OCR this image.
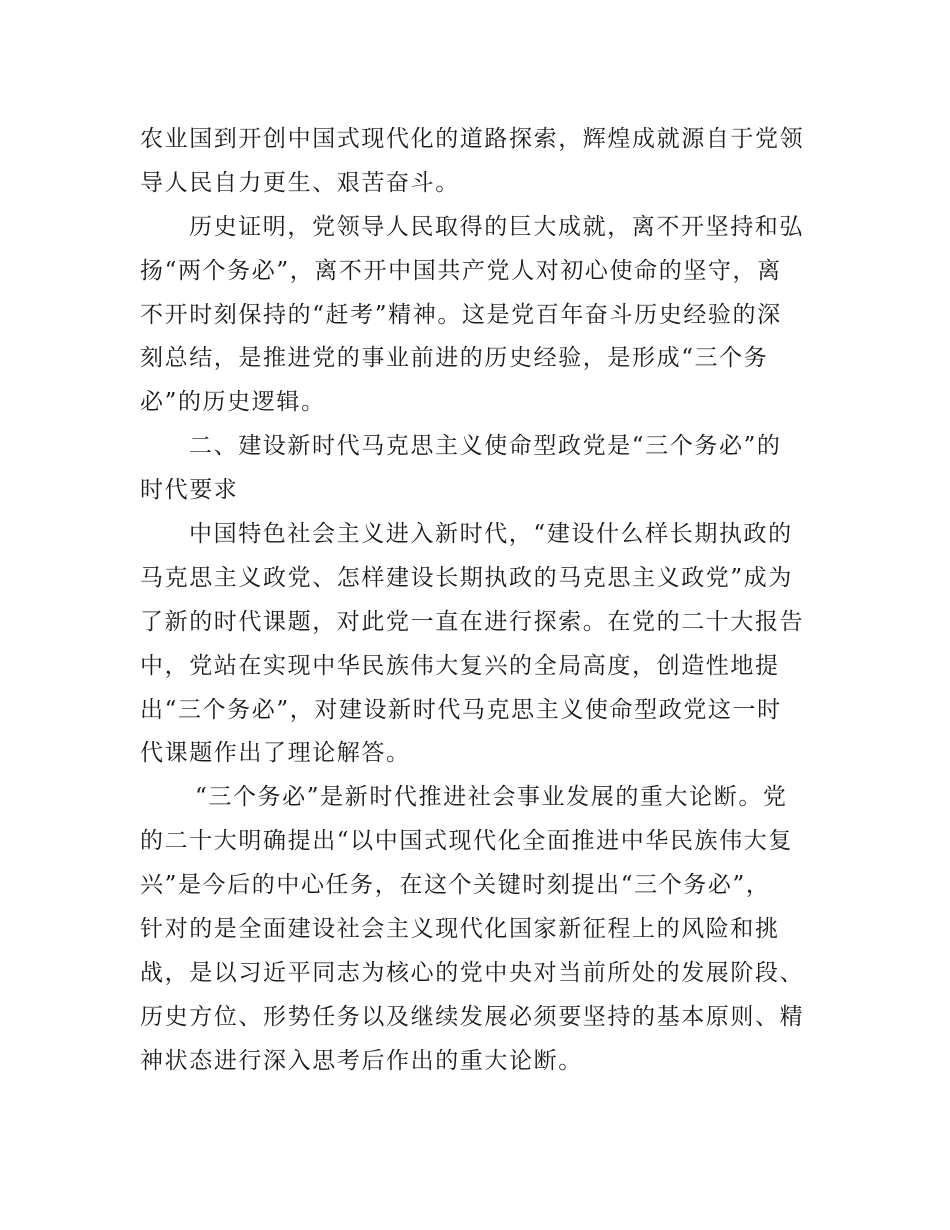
农业国到开创中国式现代化的道路探索，辉煌成就源自于党领
导人民自力更生、艰苦奋斗。
历史证明，党领导人民取得的巨大成就，离不开坚持和弘
扬“两个务必”，离不开中国共产党人对初心使命的坚守，离
不开时刻保持的“赶考”精神。这是党百年奋斗历史经验的深
刻总结，是推进党的事业前进的历史经验，是形成“三个务
必”的历史逻辑。
二、建设新时代马克思主义使命型政党是“三个务必”的
时代要求
中国特色社会主义进入新时代，“建设什么样长期执政的
马克思主义政党、怎样建设长期执政的马克思主义政党”成为
了新的时代课题，对此党一直在进行探索。在党的二十大报告
中，党站在实现中华民族伟大复兴的全局高度，创造性地提
出“三个务必”，对建设新时代马克思主义使命型政党这一时
代课题作出了理论解答。
“三个务必”是新时代推进社会事业发展的重大论断。党
的二十大明确提出“以中国式现代化全面推进中华民族伟大复
兴”是今后的中心任务，在这个关键时刻提出“三个务必”，
针对的是全面建设社会主义现代化国家新征程上的风险和挑
战，是以习近平同志为核心的党中央对当前所处的发展阶段、
历史方位、形势任务以及继续发展必须要坚持的基本原则、精
神状态进行深入思考后作出的重大论断。
